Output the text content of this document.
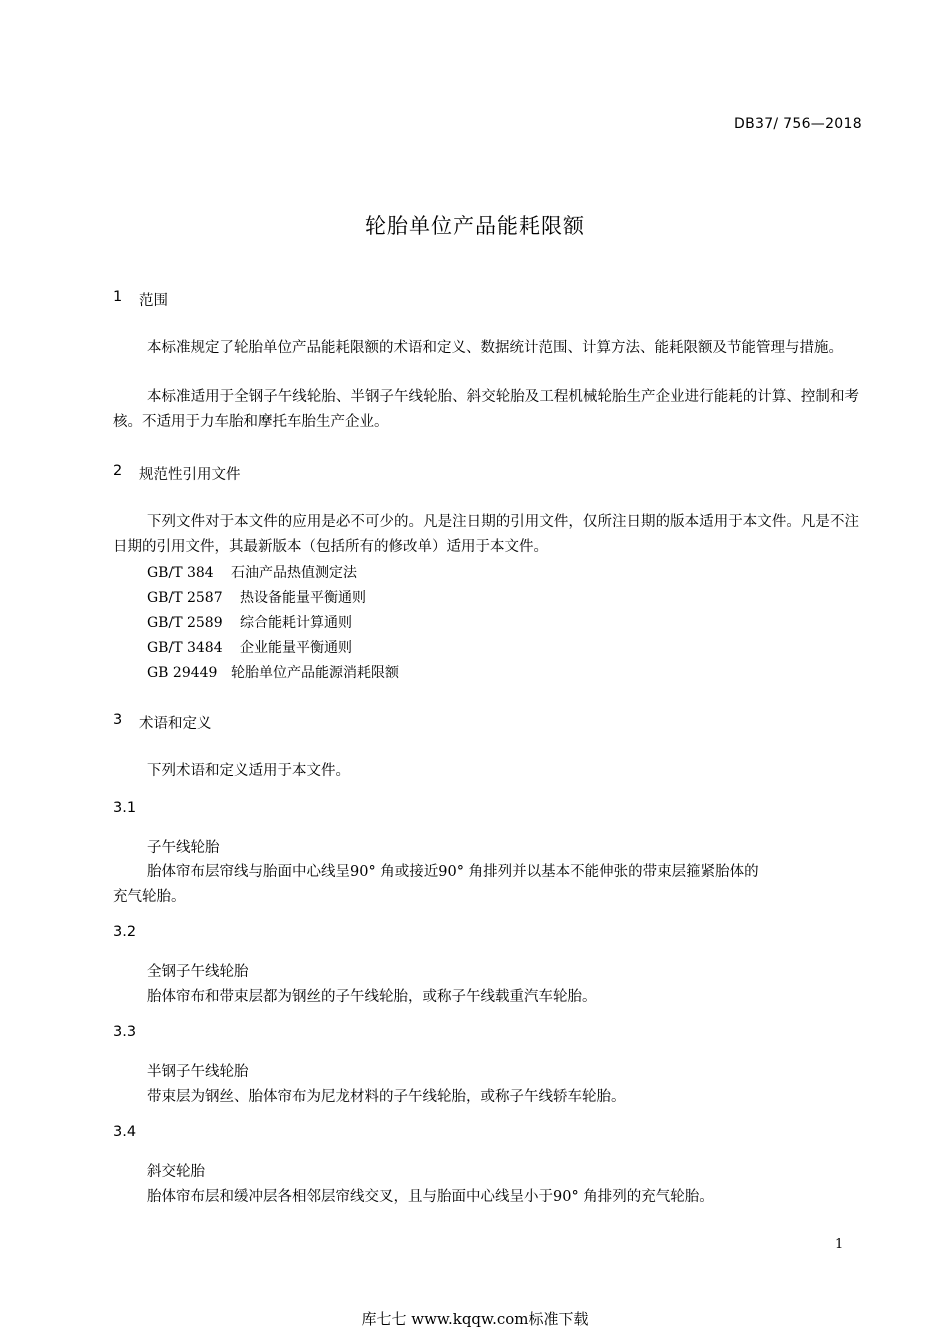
DB37/ 756—2018
轮胎单位产品能耗限额
1 范围
本标准规定了轮胎单位产品能耗限额的术语和定义、数据统计范围、计算方法、能耗限额及节能管理与措施。
本标准适用于全钢子午线轮胎、半钢子午线轮胎、斜交轮胎及工程机械轮胎生产企业进行能耗的计算、控制和考核。不适用于力车胎和摩托车胎生产企业。
2 规范性引用文件
下列文件对于本文件的应用是必不可少的。凡是注日期的引用文件，仅所注日期的版本适用于本文件。凡是不注日期的引用文件，其最新版本（包括所有的修改单）适用于本文件。
GB/T 384 石油产品热值测定法
GB/T 2587 热设备能量平衡通则
GB/T 2589 综合能耗计算通则
GB/T 3484 企业能量平衡通则
GB 29449 轮胎单位产品能源消耗限额
3 术语和定义
下列术语和定义适用于本文件。
3.1
子午线轮胎
胎体帘布层帘线与胎面中心线呈90° 角或接近90° 角排列并以基本不能伸张的带束层箍紧胎体的
充气轮胎。
3.2
全钢子午线轮胎
胎体帘布和带束层都为钢丝的子午线轮胎，或称子午线载重汽车轮胎。
3.3
半钢子午线轮胎
带束层为钢丝、胎体帘布为尼龙材料的子午线轮胎，或称子午线轿车轮胎。
3.4
斜交轮胎
胎体帘布层和缓冲层各相邻层帘线交叉，且与胎面中心线呈小于90° 角排列的充气轮胎。
1
库七七 www.kqqw.com标准下载
